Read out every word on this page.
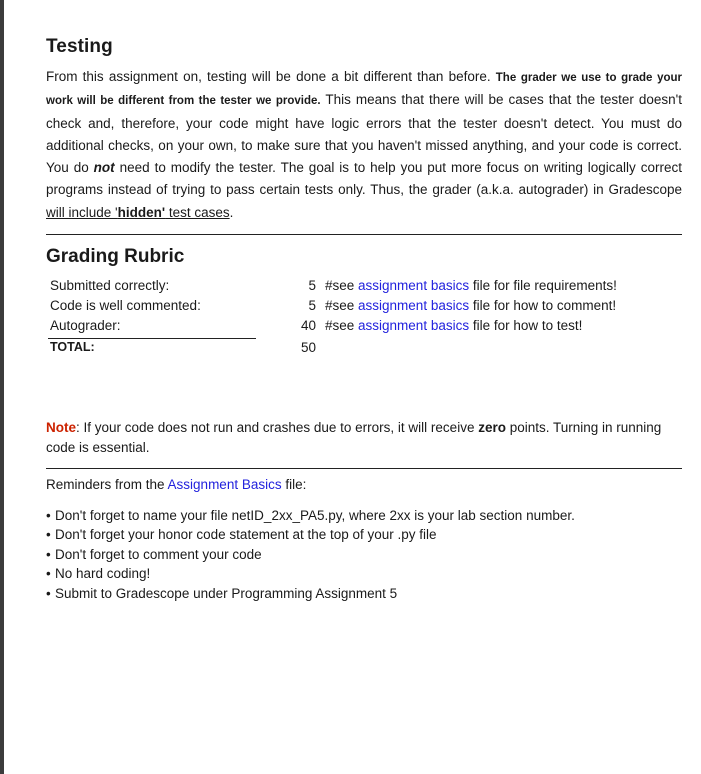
Testing

From this assignment on, testing will be done a bit different than before. The grader we use to grade your work will be different from the tester we provide. This means that there will be cases that the tester doesn't check and, therefore, your code might have logic errors that the tester doesn't detect. You must do additional checks, on your own, to make sure that you haven't missed anything, and your code is correct. You do not need to modify the tester. The goal is to help you put more focus on writing logically correct programs instead of trying to pass certain tests only. Thus, the grader (a.k.a. autograder) in Gradescope will include 'hidden' test cases.

Grading Rubric
Submitted correctly:	5 #see assignment basics file for file requirements!
Code is well commented:	5 #see assignment basics file for how to comment!
Autograder:	40 #see assignment basics file for how to test!
TOTAL:	50

Note: If your code does not run and crashes due to errors, it will receive zero points. Turning in running code is essential.

Reminders from the Assignment Basics file:

• Don't forget to name your file netID_2xx_PA5.py, where 2xx is your lab section number.
• Don't forget your honor code statement at the top of your .py file
• Don't forget to comment your code
• No hard coding!
• Submit to Gradescope under Programming Assignment 5
